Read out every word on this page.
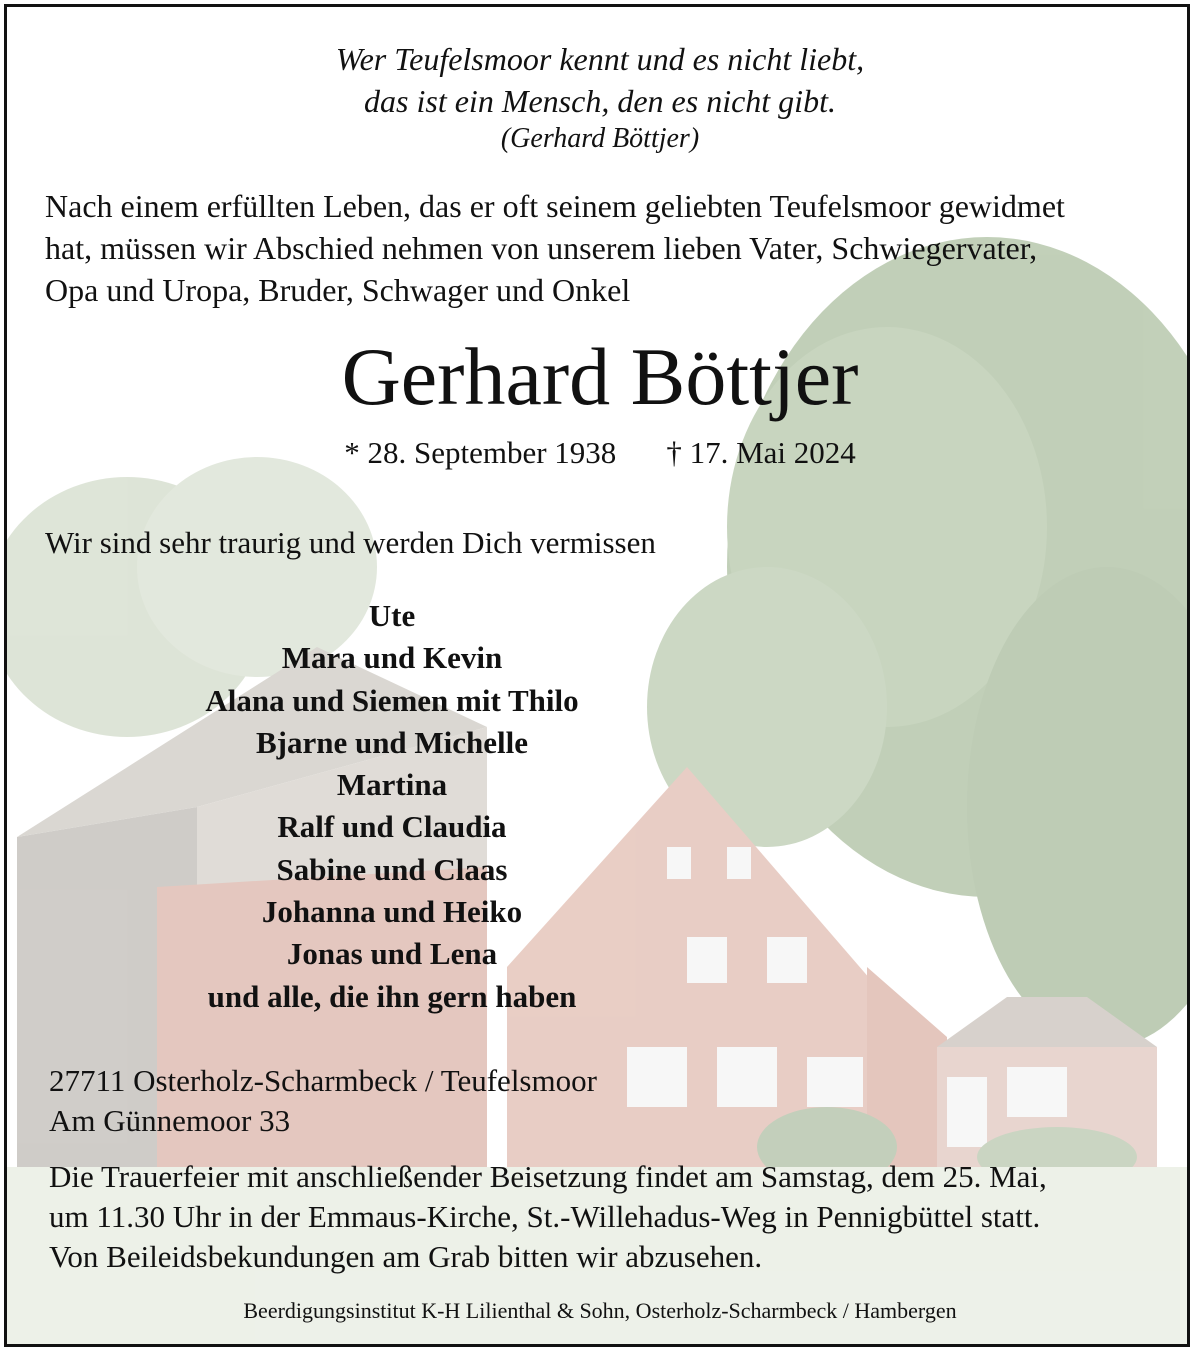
Wer Teufelsmoor kennt und es nicht liebt,
das ist ein Mensch, den es nicht gibt.
(Gerhard Böttjer)
Nach einem erfüllten Leben, das er oft seinem geliebten Teufelsmoor gewidmet
hat, müssen wir Abschied nehmen von unserem lieben Vater, Schwiegervater,
Opa und Uropa, Bruder, Schwager und Onkel
Gerhard Böttjer
* 28. September 1938 † 17. Mai 2024
Wir sind sehr traurig und werden Dich vermissen
Ute
Mara und Kevin
Alana und Siemen mit Thilo
Bjarne und Michelle
Martina
Ralf und Claudia
Sabine und Claas
Johanna und Heiko
Jonas und Lena
und alle, die ihn gern haben
27711 Osterholz-Scharmbeck / Teufelsmoor
Am Günnemoor 33
Die Trauerfeier mit anschließender Beisetzung findet am Samstag, dem 25. Mai,
um 11.30 Uhr in der Emmaus-Kirche, St.-Willehadus-Weg in Pennigbüttel statt.
Von Beileidsbekundungen am Grab bitten wir abzusehen.
Beerdigungsinstitut K-H Lilienthal & Sohn, Osterholz-Scharmbeck / Hambergen
